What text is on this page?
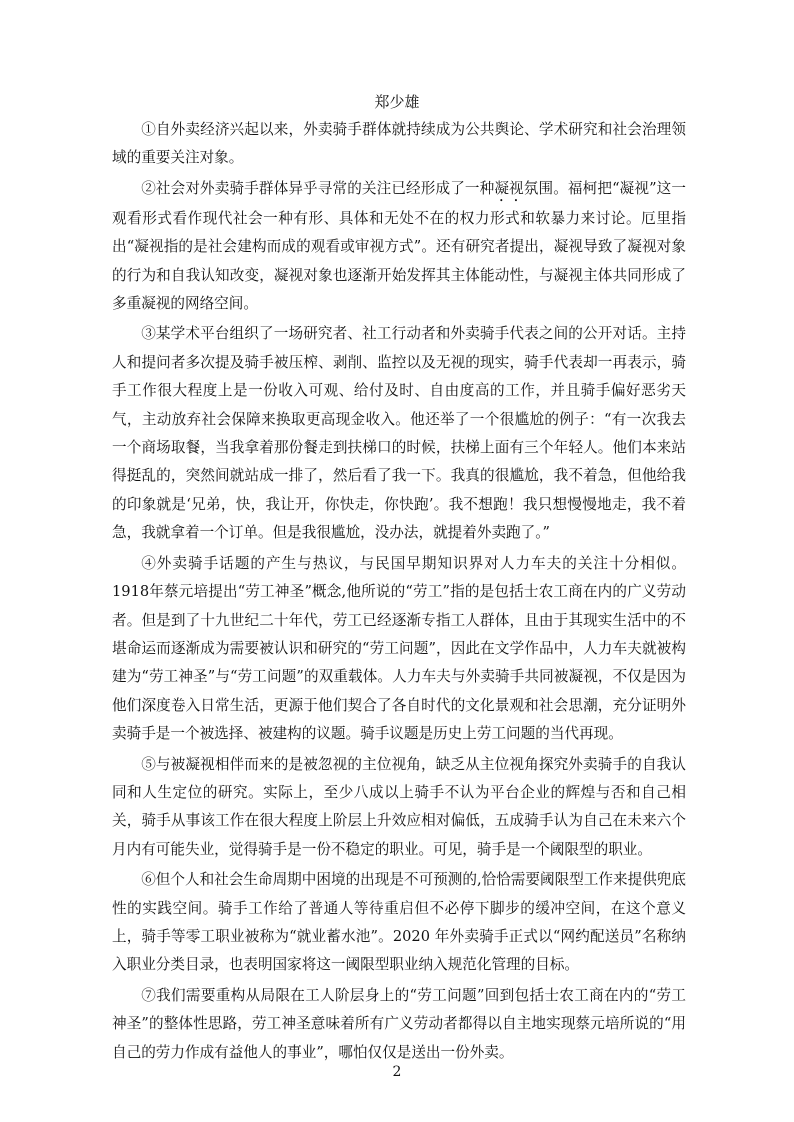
郑少雄

①自外卖经济兴起以来，外卖骑手群体就持续成为公共舆论、学术研究和社会治理领域的重要关注对象。

②社会对外卖骑手群体异乎寻常的关注已经形成了一种凝视氛围。福柯把“凝视”这一观看形式看作现代社会一种有形、具体和无处不在的权力形式和软暴力来讨论。厄里指出“凝视指的是社会建构而成的观看或审视方式”。还有研究者提出，凝视导致了凝视对象的行为和自我认知改变，凝视对象也逐渐开始发挥其主体能动性，与凝视主体共同形成了多重凝视的网络空间。

③某学术平台组织了一场研究者、社工行动者和外卖骑手代表之间的公开对话。主持人和提问者多次提及骑手被压榨、剥削、监控以及无视的现实，骑手代表却一再表示，骑手工作很大程度上是一份收入可观、给付及时、自由度高的工作，并且骑手偏好恶劣天气，主动放弃社会保障来换取更高现金收入。他还举了一个很尴尬的例子：“有一次我去一个商场取餐，当我拿着那份餐走到扶梯口的时候，扶梯上面有三个年轻人。他们本来站得挺乱的，突然间就站成一排了，然后看了我一下。我真的很尴尬，我不着急，但他给我的印象就是‘兄弟，快，我让开，你快走，你快跑’。我不想跑！我只想慢慢地走，我不着急，我就拿着一个订单。但是我很尴尬，没办法，就提着外卖跑了。”

④外卖骑手话题的产生与热议，与民国早期知识界对人力车夫的关注十分相似。1918年蔡元培提出“劳工神圣”概念,他所说的“劳工”指的是包括士农工商在内的广义劳动者。但是到了十九世纪二十年代，劳工已经逐渐专指工人群体，且由于其现实生活中的不堪命运而逐渐成为需要被认识和研究的“劳工问题”，因此在文学作品中，人力车夫就被构建为“劳工神圣”与“劳工问题”的双重载体。人力车夫与外卖骑手共同被凝视，不仅是因为他们深度卷入日常生活，更源于他们契合了各自时代的文化景观和社会思潮，充分证明外卖骑手是一个被选择、被建构的议题。骑手议题是历史上劳工问题的当代再现。

⑤与被凝视相伴而来的是被忽视的主位视角，缺乏从主位视角探究外卖骑手的自我认同和人生定位的研究。实际上，至少八成以上骑手不认为平台企业的辉煌与否和自己相关，骑手从事该工作在很大程度上阶层上升效应相对偏低，五成骑手认为自己在未来六个月内有可能失业，觉得骑手是一份不稳定的职业。可见，骑手是一个阈限型的职业。

⑥但个人和社会生命周期中困境的出现是不可预测的,恰恰需要阈限型工作来提供兜底性的实践空间。骑手工作给了普通人等待重启但不必停下脚步的缓冲空间，在这个意义上，骑手等零工职业被称为“就业蓄水池”。2020 年外卖骑手正式以“网约配送员”名称纳入职业分类目录，也表明国家将这一阈限型职业纳入规范化管理的目标。

⑦我们需要重构从局限在工人阶层身上的“劳工问题”回到包括士农工商在内的“劳工神圣”的整体性思路，劳工神圣意味着所有广义劳动者都得以自主地实现蔡元培所说的“用自己的劳力作成有益他人的事业”，哪怕仅仅是送出一份外卖。

2
